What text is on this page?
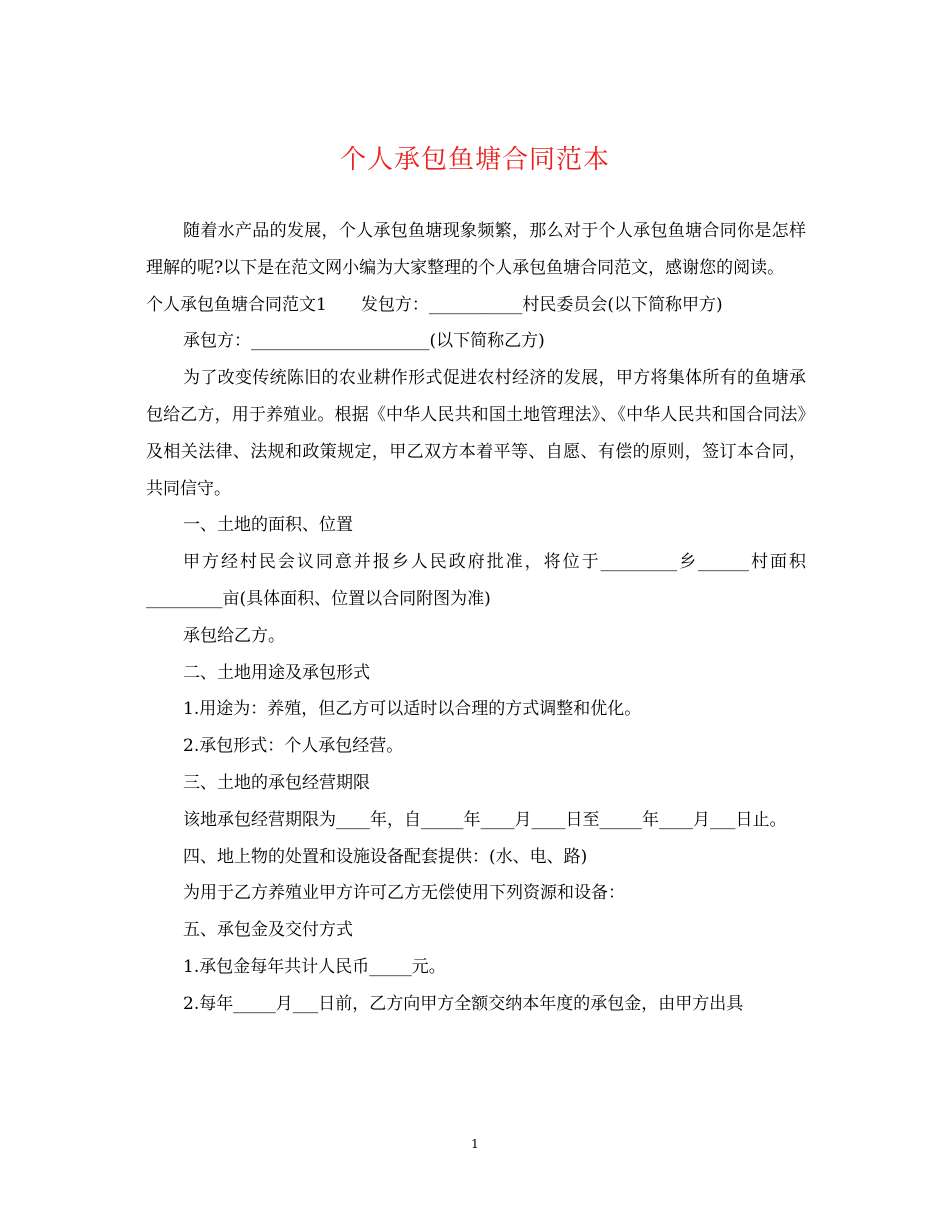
个人承包鱼塘合同范本

随着水产品的发展，个人承包鱼塘现象频繁，那么对于个人承包鱼塘合同你是怎样理解的呢?以下是在范文网小编为大家整理的个人承包鱼塘合同范文，感谢您的阅读。

个人承包鱼塘合同范文1　　发包方：___________村民委员会(以下简称甲方)

承包方：_____________________(以下简称乙方)

为了改变传统陈旧的农业耕作形式促进农村经济的发展，甲方将集体所有的鱼塘承包给乙方，用于养殖业。根据《中华人民共和国土地管理法》、《中华人民共和国合同法》及相关法律、法规和政策规定，甲乙双方本着平等、自愿、有偿的原则，签订本合同，共同信守。

一、土地的面积、位置

甲方经村民会议同意并报乡人民政府批准，将位于_________乡______村面积_________亩(具体面积、位置以合同附图为准)

承包给乙方。

二、土地用途及承包形式

1.用途为：养殖，但乙方可以适时以合理的方式调整和优化。

2.承包形式：个人承包经营。

三、土地的承包经营期限

该地承包经营期限为____年，自_____年____月____日至_____年____月___日止。

四、地上物的处置和设施设备配套提供：(水、电、路)

为用于乙方养殖业甲方许可乙方无偿使用下列资源和设备：

五、承包金及交付方式

1.承包金每年共计人民币_____元。

2.每年_____月___日前，乙方向甲方全额交纳本年度的承包金，由甲方出具

1
